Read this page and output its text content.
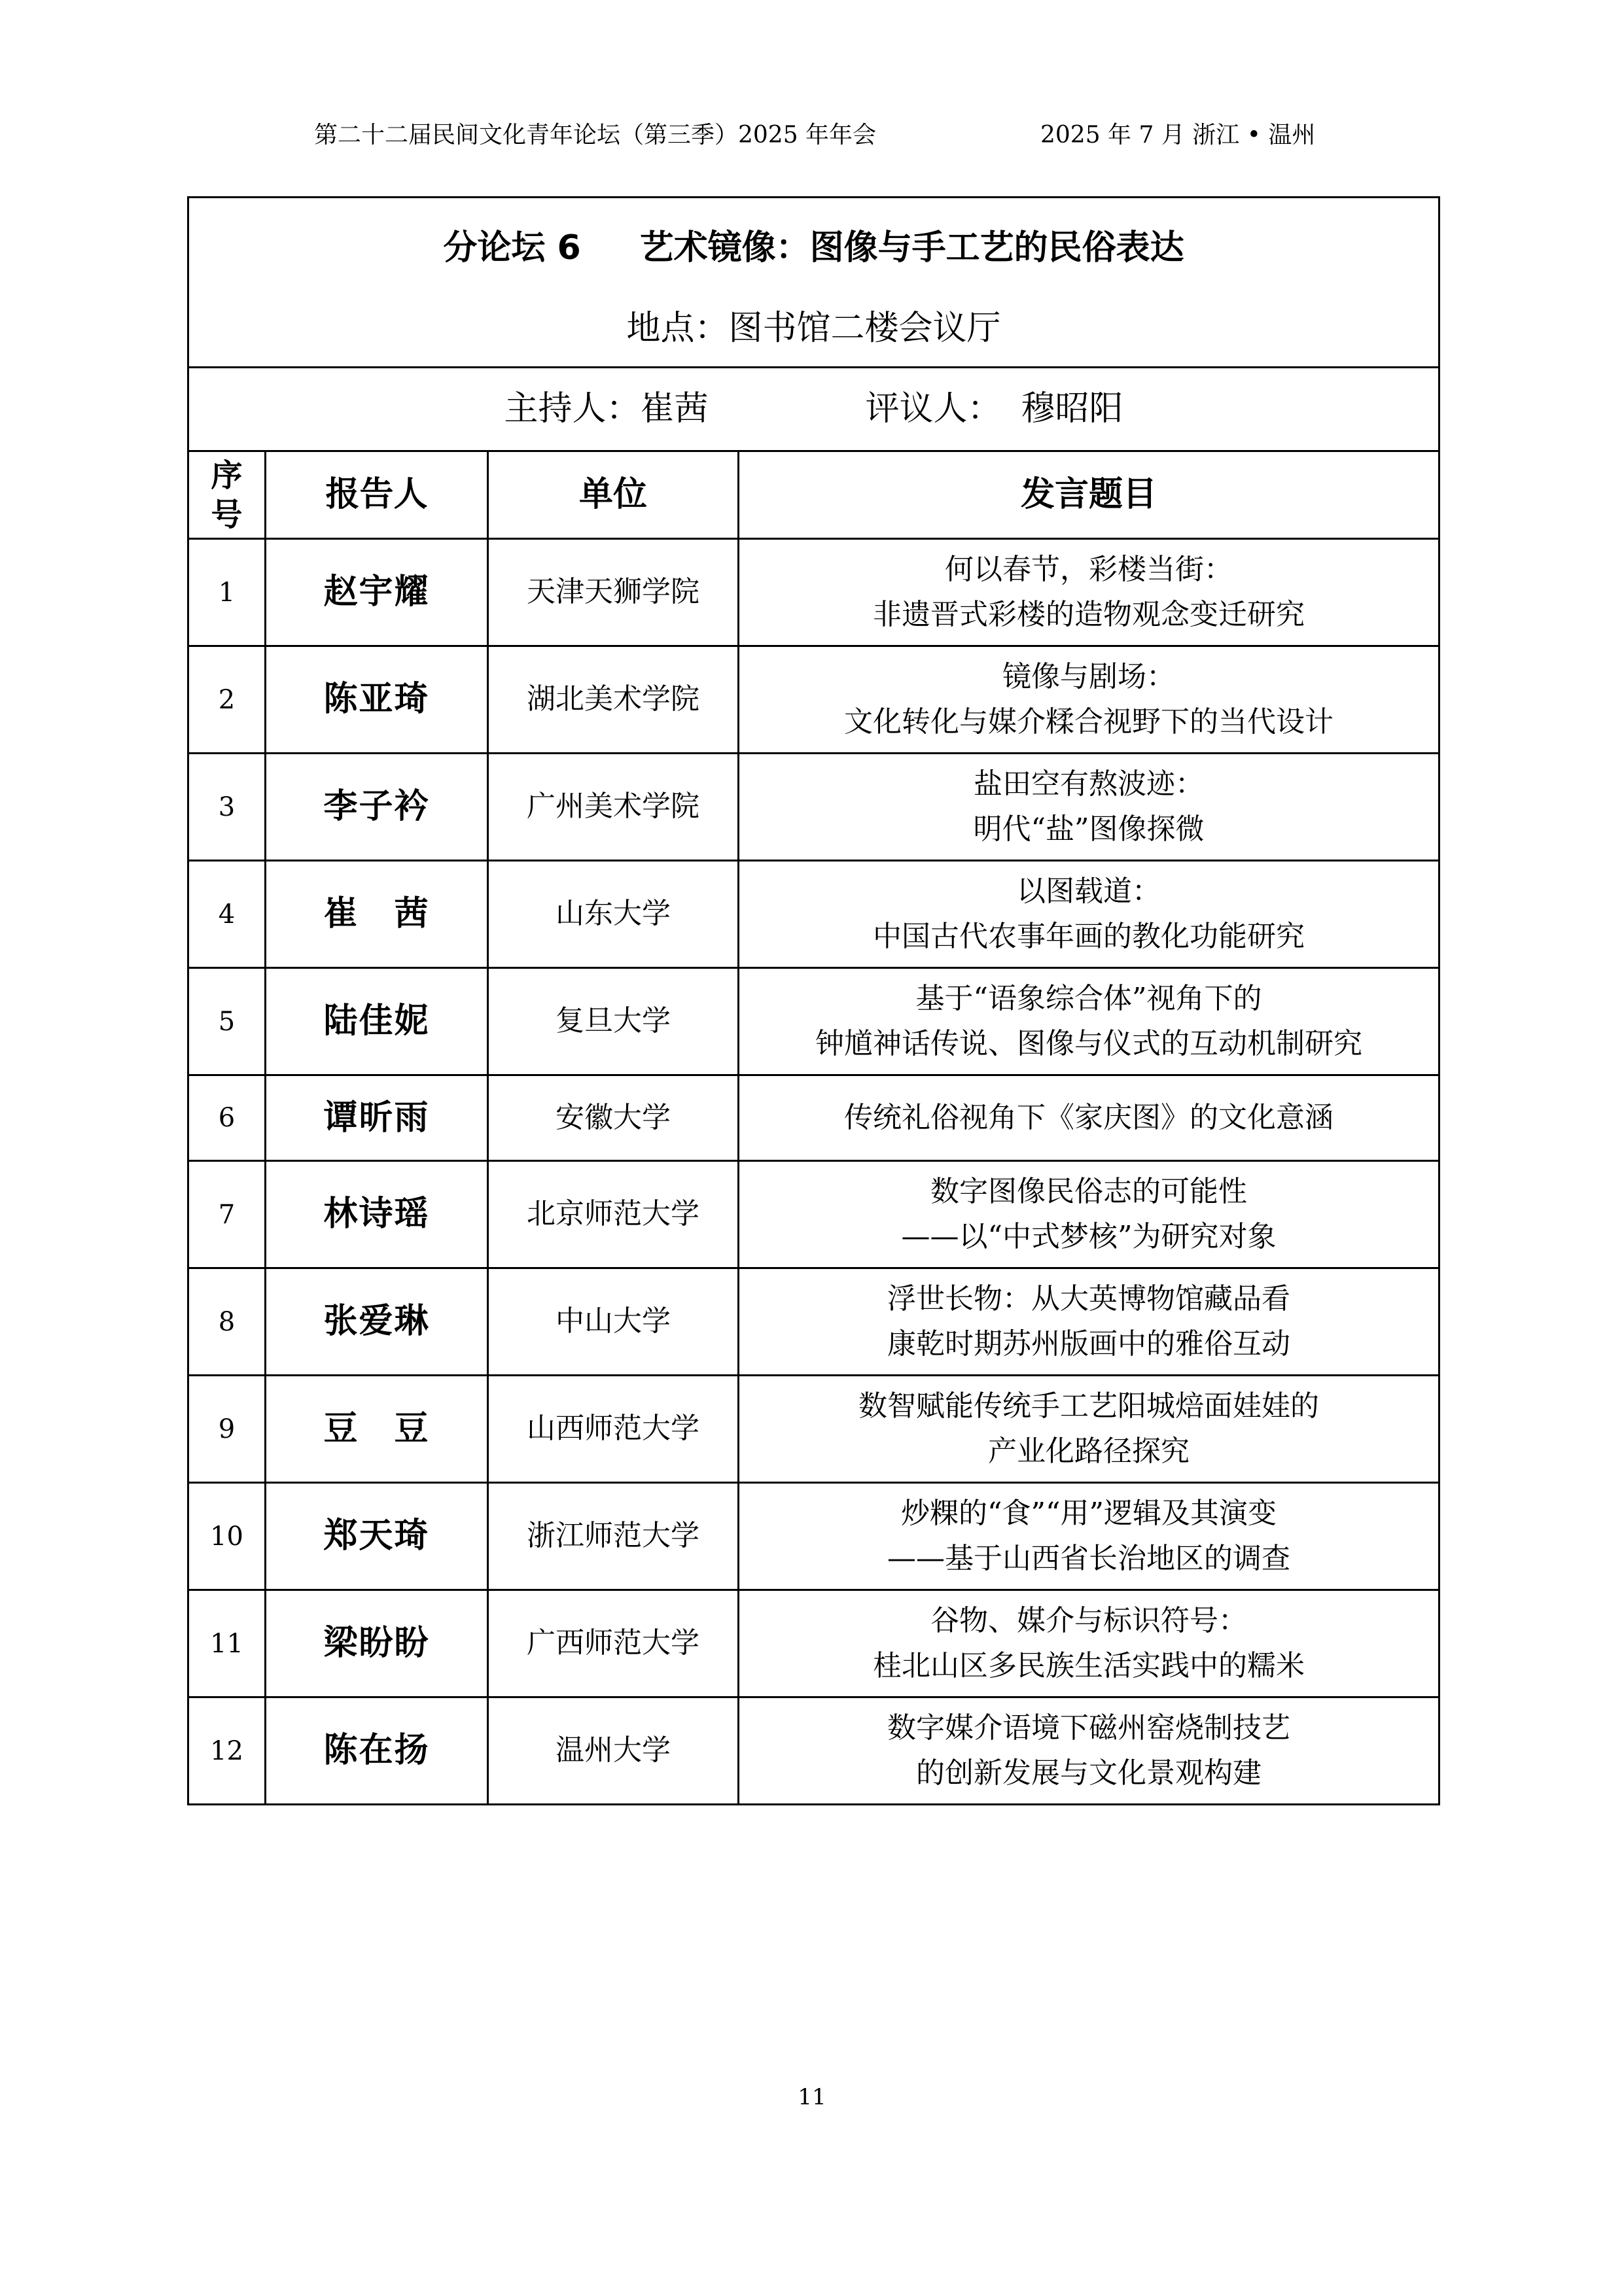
第二十二届民间文化青年论坛（第三季）2025 年年会	2025 年 7 月 浙江 • 温州
分论坛 6 艺术镜像：图像与手工艺的民俗表达
地点：图书馆二楼会议厅			

主持人：崔茜 评议人： 穆昭阳			
序
号	报告人	单位	发言题目
1	赵宇耀	天津天狮学院	何以春节，彩楼当街：
非遗晋式彩楼的造物观念变迁研究

2	陈亚琦	湖北美术学院	镜像与剧场：
文化转化与媒介糅合视野下的当代设计

3	李子衿	广州美术学院	盐田空有熬波迹：
明代“盐”图像探微

4	崔　茜	山东大学	以图载道：
中国古代农事年画的教化功能研究

5	陆佳妮	复旦大学	基于“语象综合体”视角下的
钟馗神话传说、图像与仪式的互动机制研究

6	谭昕雨	安徽大学	传统礼俗视角下《家庆图》的文化意涵

7	林诗瑶	北京师范大学	数字图像民俗志的可能性
——以“中式梦核”为研究对象

8	张爱琳	中山大学	浮世长物：从大英博物馆藏品看
康乾时期苏州版画中的雅俗互动

9	豆　豆	山西师范大学	数智赋能传统手工艺阳城焙面娃娃的
产业化路径探究

10	郑天琦	浙江师范大学	炒粿的“食”“用”逻辑及其演变
——基于山西省长治地区的调查

11	梁盼盼	广西师范大学	谷物、媒介与标识符号：
桂北山区多民族生活实践中的糯米

12	陈在扬	温州大学	数字媒介语境下磁州窑烧制技艺
的创新发展与文化景观构建
11
